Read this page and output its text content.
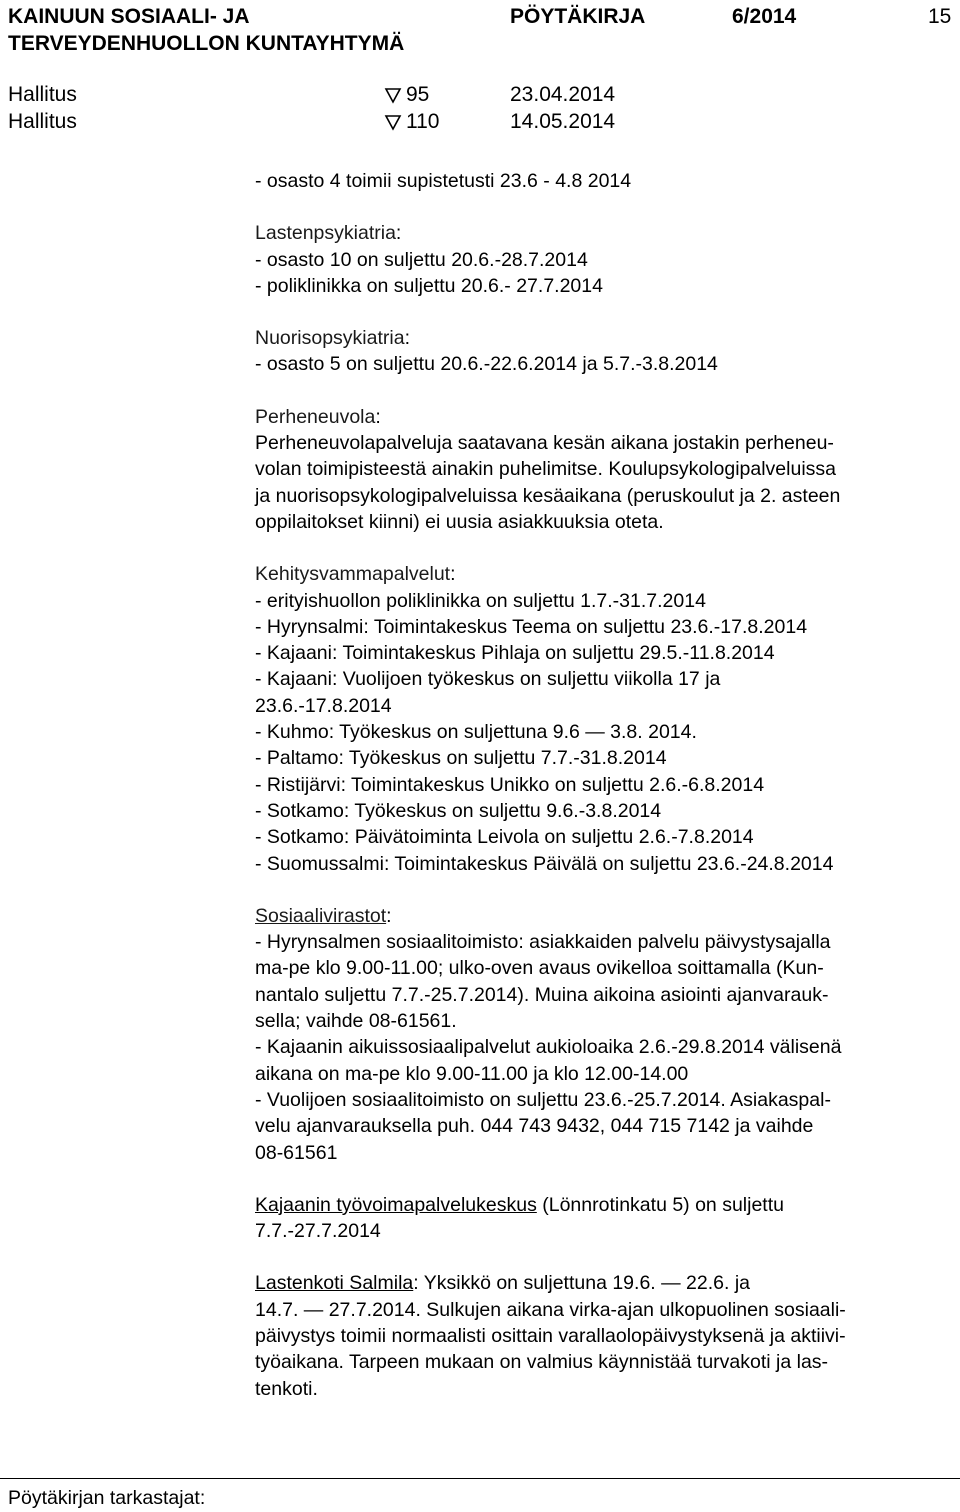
KAINUUN SOSIAALI- JA
TERVEYDENHUOLLON KUNTAYHTYMÄ
PÖYTÄKIRJA	6/2014	15
Hallitus	95	23.04.2014
Hallitus	110	14.05.2014

- osasto 4 toimii supistetusti 23.6 - 4.8 2014

Lastenpsykiatria:

- osasto 10 on suljettu 20.6.-28.7.2014

- poliklinikka on suljettu 20.6.- 27.7.2014

Nuorisopsykiatria:

- osasto 5 on suljettu 20.6.-22.6.2014 ja 5.7.-3.8.2014

Perheneuvola:

Perheneuvolapalveluja saatavana kesän aikana jostakin perheneu-

volan toimipisteestä ainakin puhelimitse. Koulupsykologipalveluissa

ja nuorisopsykologipalveluissa kesäaikana (peruskoulut ja 2. asteen

oppilaitokset kiinni) ei uusia asiakkuuksia oteta.

Kehitysvammapalvelut:

- erityishuollon poliklinikka on suljettu 1.7.-31.7.2014

- Hyrynsalmi: Toimintakeskus Teema on suljettu 23.6.-17.8.2014

- Kajaani: Toimintakeskus Pihlaja on suljettu 29.5.-11.8.2014

- Kajaani: Vuolijoen työkeskus on suljettu viikolla 17 ja

23.6.-17.8.2014

- Kuhmo: Työkeskus on suljettuna 9.6 — 3.8. 2014.

- Paltamo: Työkeskus on suljettu 7.7.-31.8.2014

- Ristijärvi: Toimintakeskus Unikko on suljettu 2.6.-6.8.2014

- Sotkamo: Työkeskus on suljettu 9.6.-3.8.2014

- Sotkamo: Päivätoiminta Leivola on suljettu 2.6.-7.8.2014

- Suomussalmi: Toimintakeskus Päivälä on suljettu 23.6.-24.8.2014

Sosiaalivirastot:

- Hyrynsalmen sosiaalitoimisto: asiakkaiden palvelu päivystysajalla

ma-pe klo 9.00-11.00; ulko-oven avaus ovikelloa soittamalla (Kun-

nantalo suljettu 7.7.-25.7.2014). Muina aikoina asiointi ajanvarauk-

sella; vaihde 08-61561.

- Kajaanin aikuissosiaalipalvelut aukioloaika 2.6.-29.8.2014 välisenä

aikana on ma-pe klo 9.00-11.00 ja klo 12.00-14.00

- Vuolijoen sosiaalitoimisto on suljettu 23.6.-25.7.2014. Asiakaspal-

velu ajanvarauksella puh. 044 743 9432, 044 715 7142 ja vaihde

08-61561

Kajaanin työvoimapalvelukeskus (Lönnrotinkatu 5) on suljettu

7.7.-27.7.2014

Lastenkoti Salmila: Yksikkö on suljettuna 19.6. — 22.6. ja

14.7. — 27.7.2014. Sulkujen aikana virka-ajan ulkopuolinen sosiaali-

päivystys toimii normaalisti osittain varallaolopäivystyksenä ja aktiivi-

työaikana. Tarpeen mukaan on valmius käynnistää turvakoti ja las-

tenkoti.

Pöytäkirjan tarkastajat:
